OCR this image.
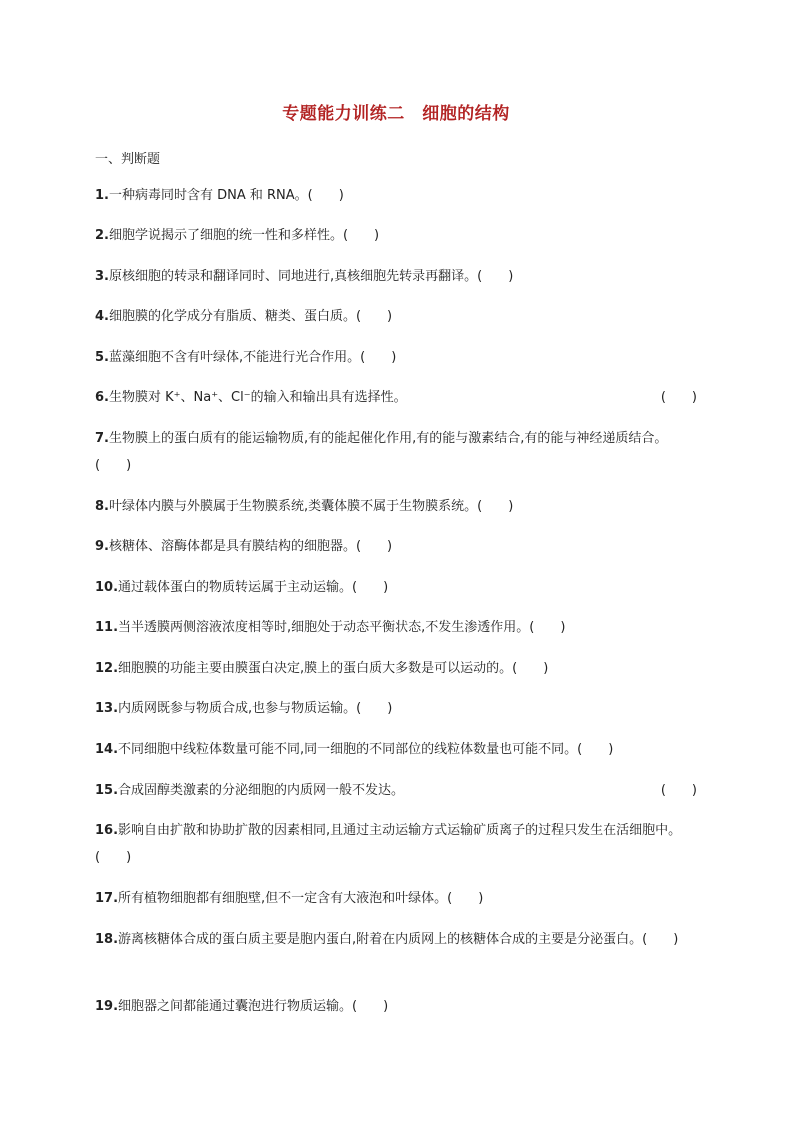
专题能力训练二　细胞的结构
一、判断题
1.一种病毒同时含有 DNA 和 RNA。(　　)
2.细胞学说揭示了细胞的统一性和多样性。(　　)
3.原核细胞的转录和翻译同时、同地进行,真核细胞先转录再翻译。(　　)
4.细胞膜的化学成分有脂质、糖类、蛋白质。(　　)
5.蓝藻细胞不含有叶绿体,不能进行光合作用。(　　)
6.生物膜对 K⁺、Na⁺、Cl⁻的输入和输出具有选择性。	(　　)
7.生物膜上的蛋白质有的能运输物质,有的能起催化作用,有的能与激素结合,有的能与神经递质结合。(　　)
8.叶绿体内膜与外膜属于生物膜系统,类囊体膜不属于生物膜系统。(　　)
9.核糖体、溶酶体都是具有膜结构的细胞器。(　　)
10.通过载体蛋白的物质转运属于主动运输。(　　)
11.当半透膜两侧溶液浓度相等时,细胞处于动态平衡状态,不发生渗透作用。(　　)
12.细胞膜的功能主要由膜蛋白决定,膜上的蛋白质大多数是可以运动的。(　　)
13.内质网既参与物质合成,也参与物质运输。(　　)
14.不同细胞中线粒体数量可能不同,同一细胞的不同部位的线粒体数量也可能不同。(　　)
15.合成固醇类激素的分泌细胞的内质网一般不发达。	(　　)
16.影响自由扩散和协助扩散的因素相同,且通过主动运输方式运输矿质离子的过程只发生在活细胞中。(　　)
17.所有植物细胞都有细胞壁,但不一定含有大液泡和叶绿体。(　　)
18.游离核糖体合成的蛋白质主要是胞内蛋白,附着在内质网上的核糖体合成的主要是分泌蛋白。(　　)
19.细胞器之间都能通过囊泡进行物质运输。(　　)
